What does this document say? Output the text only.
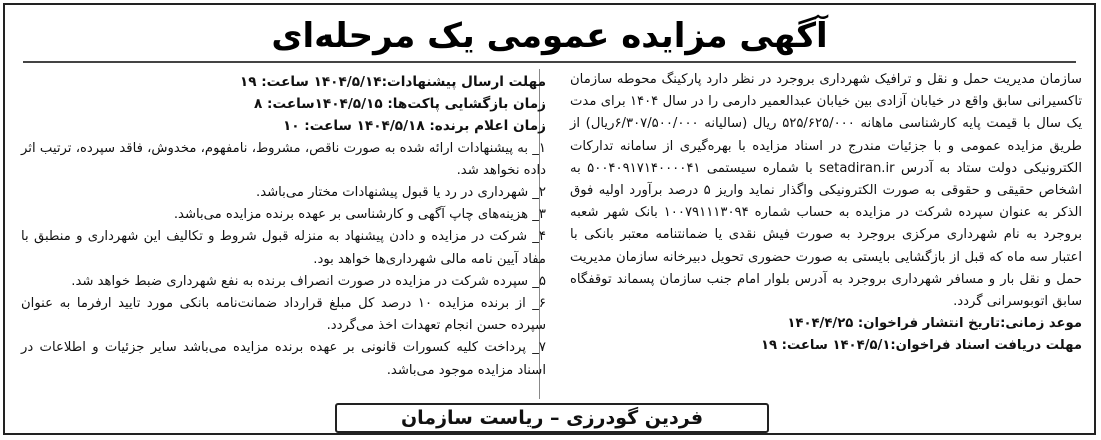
آگهی مزایده عمومی یک مرحله‌ای

سازمان مدیریت حمل و نقل و ترافیک شهرداری بروجرد در نظر دارد پارکینگ محوطه سازمان تاکسیرانی سابق واقع در خیابان آزادی بین خیابان عبدالعمیر دارمی را در سال ۱۴۰۴ برای مدت یک سال با قیمت پایه کارشناسی ماهانه ۵۲۵/۶۲۵/۰۰۰ ریال (سالیانه ۶/۳۰۷/۵۰۰/۰۰۰ریال) از طریق مزایده عمومی و با جزئیات مندرج در اسناد مزایده با بهره‌گیری از سامانه تدارکات الکترونیکی دولت ستاد به آدرس setadiran.ir با شماره سیستمی ۵۰۰۴۰۹۱۷۱۴۰۰۰۰۴۱ به اشخاص حقیقی و حقوقی به صورت الکترونیکی واگذار نماید واریز ۵ درصد برآورد اولیه فوق الذکر به عنوان سپرده شرکت در مزایده به حساب شماره ۱۰۰۷۹۱۱۱۳۰۹۴ بانک شهر شعبه بروجرد به نام شهرداری مرکزی بروجرد به صورت فیش نقدی یا ضمانتنامه معتبر بانکی با اعتبار سه ماه که قبل از بازگشایی بایستی به صورت حضوری تحویل دبیرخانه سازمان مدیریت حمل و نقل بار و مسافر شهرداری بروجرد به آدرس بلوار امام جنب سازمان پسماند توقفگاه سابق اتوبوسرانی گردد.

موعد زمانی:تاریخ انتشار فراخوان: ۱۴۰۴/۴/۲۵

مهلت دریافت اسناد فراخوان:۱۴۰۴/۵/۱ ساعت: ۱۹

مهلت ارسال پیشنهادات:۱۴۰۴/۵/۱۴ ساعت: ۱۹

زمان بازگشایی پاکت‌ها: ۱۴۰۴/۵/۱۵ساعت: ۸

زمان اعلام برنده: ۱۴۰۴/۵/۱۸ ساعت: ۱۰

۱_ به پیشنهادات ارائه شده به صورت ناقص، مشروط، نامفهوم، مخدوش، فاقد سپرده، ترتیب اثر داده نخواهد شد.

۲_ شهرداری در رد یا قبول پیشنهادات مختار می‌باشد.

۳_ هزینه‌های چاپ آگهی و کارشناسی بر عهده برنده مزایده می‌باشد.

۴_ شرکت در مزایده و دادن پیشنهاد به منزله قبول شروط و تکالیف این شهرداری و منطبق با مفاد آیین نامه مالی شهرداری‌ها خواهد بود.

۵_ سپرده شرکت در مزایده در صورت انصراف برنده به نفع شهرداری ضبط خواهد شد.

۶_ از برنده مزایده ۱۰ درصد کل مبلغ قرارداد ضمانت‌نامه بانکی مورد تایید ارفرما به عنوان سپرده حسن انجام تعهدات اخذ می‌گردد.

۷_ پرداخت کلیه کسورات قانونی بر عهده برنده مزایده می‌باشد سایر جزئیات و اطلاعات در اسناد مزایده موجود می‌باشد.

فردین گودرزی – ریاست سازمان
